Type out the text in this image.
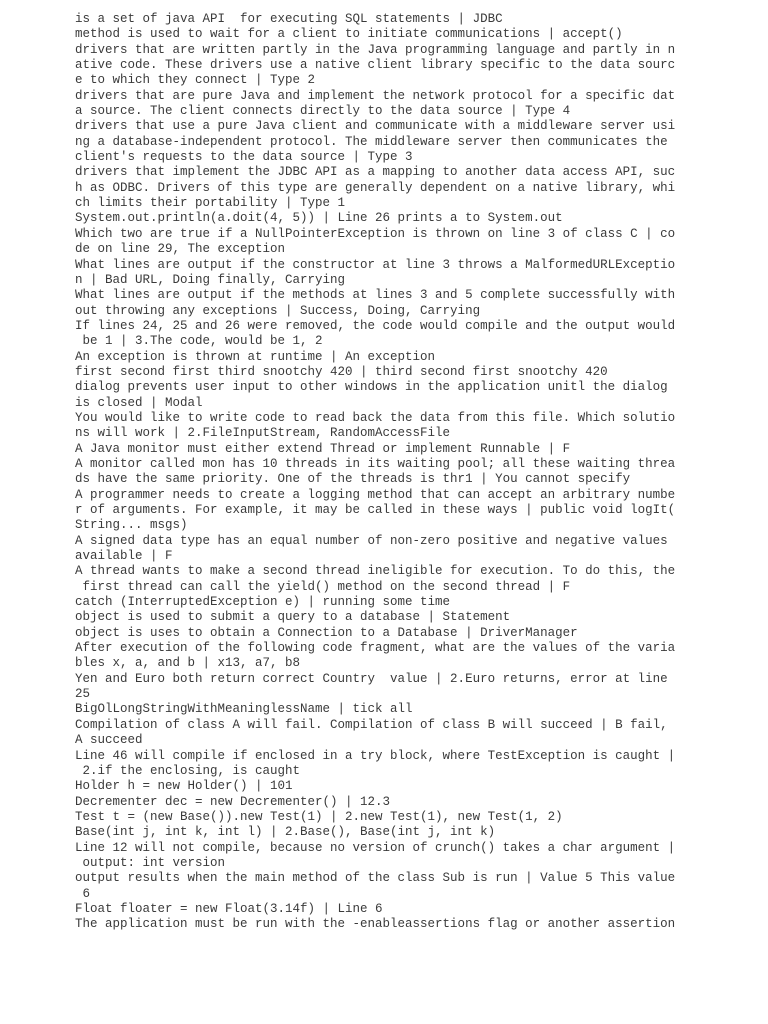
is a set of java API  for executing SQL statements | JDBC
method is used to wait for a client to initiate communications | accept()
drivers that are written partly in the Java programming language and partly in n
ative code. These drivers use a native client library specific to the data sourc
e to which they connect | Type 2
drivers that are pure Java and implement the network protocol for a specific dat
a source. The client connects directly to the data source | Type 4
drivers that use a pure Java client and communicate with a middleware server usi
ng a database-independent protocol. The middleware server then communicates the
client's requests to the data source | Type 3
drivers that implement the JDBC API as a mapping to another data access API, suc
h as ODBC. Drivers of this type are generally dependent on a native library, whi
ch limits their portability | Type 1
System.out.println(a.doit(4, 5)) | Line 26 prints a to System.out
Which two are true if a NullPointerException is thrown on line 3 of class C | co
de on line 29, The exception
What lines are output if the constructor at line 3 throws a MalformedURLExceptio
n | Bad URL, Doing finally, Carrying
What lines are output if the methods at lines 3 and 5 complete successfully with
out throwing any exceptions | Success, Doing, Carrying
If lines 24, 25 and 26 were removed, the code would compile and the output would
be 1 | 3.The code, would be 1, 2
An exception is thrown at runtime | An exception
first second first third snootchy 420 | third second first snootchy 420
dialog prevents user input to other windows in the application unitl the dialog
is closed | Modal
You would like to write code to read back the data from this file. Which solutio
ns will work | 2.FileInputStream, RandomAccessFile
A Java monitor must either extend Thread or implement Runnable | F
A monitor called mon has 10 threads in its waiting pool; all these waiting threa
ds have the same priority. One of the threads is thr1 | You cannot specify
A programmer needs to create a logging method that can accept an arbitrary numbe
r of arguments. For example, it may be called in these ways | public void logIt(
String... msgs)
A signed data type has an equal number of non-zero positive and negative values
available | F
A thread wants to make a second thread ineligible for execution. To do this, the
first thread can call the yield() method on the second thread | F
catch (InterruptedException e) | running some time
object is used to submit a query to a database | Statement
object is uses to obtain a Connection to a Database | DriverManager
After execution of the following code fragment, what are the values of the varia
bles x, a, and b | x13, a7, b8
Yen and Euro both return correct Country  value | 2.Euro returns, error at line
25
BigOlLongStringWithMeaninglessName | tick all
Compilation of class A will fail. Compilation of class B will succeed | B fail,
A succeed
Line 46 will compile if enclosed in a try block, where TestException is caught |
2.if the enclosing, is caught
Holder h = new Holder() | 101
Decrementer dec = new Decrementer() | 12.3
Test t = (new Base()).new Test(1) | 2.new Test(1), new Test(1, 2)
Base(int j, int k, int l) | 2.Base(), Base(int j, int k)
Line 12 will not compile, because no version of crunch() takes a char argument |
output: int version
output results when the main method of the class Sub is run | Value 5 This value
6
Float floater = new Float(3.14f) | Line 6
The application must be run with the -enableassertions flag or another assertion
